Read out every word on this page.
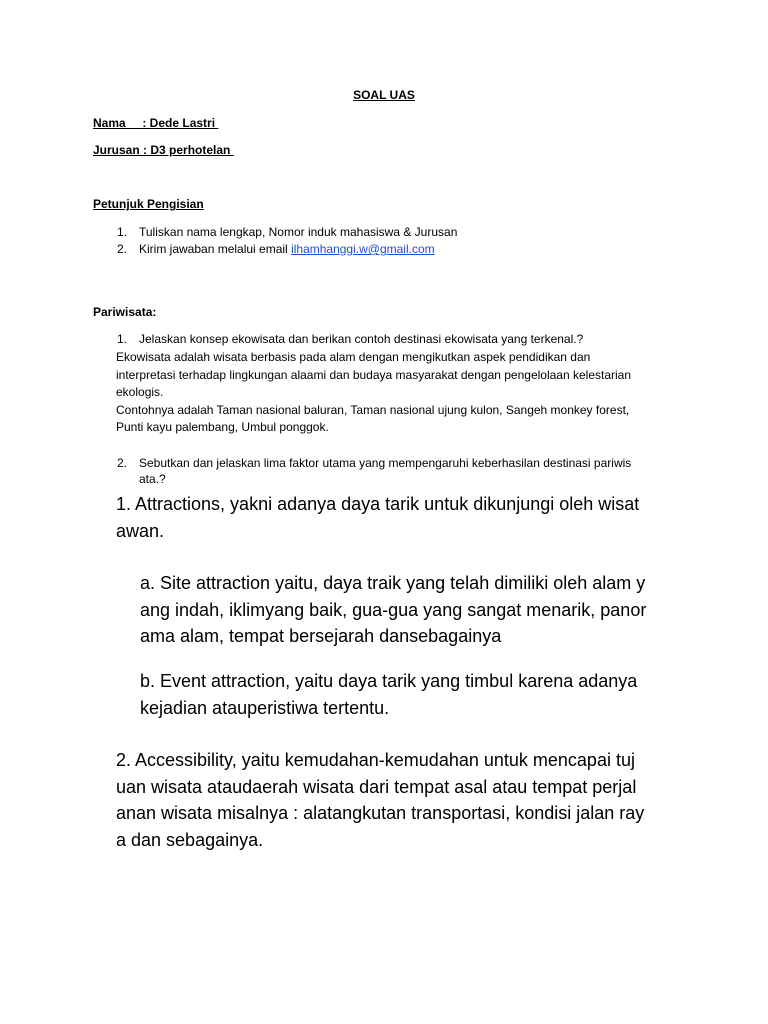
SOAL UAS
Nama     : Dede Lastri
Jurusan : D3 perhotelan
Petunjuk Pengisian
1. Tuliskan nama lengkap, Nomor induk mahasiswa & Jurusan
2. Kirim jawaban melalui email ilhamhanggi.w@gmail.com
Pariwisata:
1. Jelaskan konsep ekowisata dan berikan contoh destinasi ekowisata yang terkenal.?
Ekowisata adalah wisata berbasis pada alam dengan mengikutkan aspek pendidikan dan
interpretasi terhadap lingkungan alaami dan budaya masyarakat dengan pengelolaan kelestarian
ekologis.
Contohnya adalah Taman nasional baluran, Taman nasional ujung kulon, Sangeh monkey forest,
Punti kayu palembang, Umbul ponggok.
2. Sebutkan dan jelaskan lima faktor utama yang mempengaruhi keberhasilan destinasi pariwis
ata.?
1. Attractions, yakni adanya daya tarik untuk dikunjungi oleh wisat
awan.
a. Site attraction yaitu, daya traik yang telah dimiliki oleh alam y
ang indah, iklimyang baik, gua-gua yang sangat menarik, panor
ama alam, tempat bersejarah dansebagainya
b. Event attraction, yaitu daya tarik yang timbul karena adanya
kejadian atauperistiwa tertentu.
2. Accessibility, yaitu kemudahan-kemudahan untuk mencapai tuj
uan wisata ataudaerah wisata dari tempat asal atau tempat perjal
anan wisata misalnya : alatangkutan transportasi, kondisi jalan ray
a dan sebagainya.
